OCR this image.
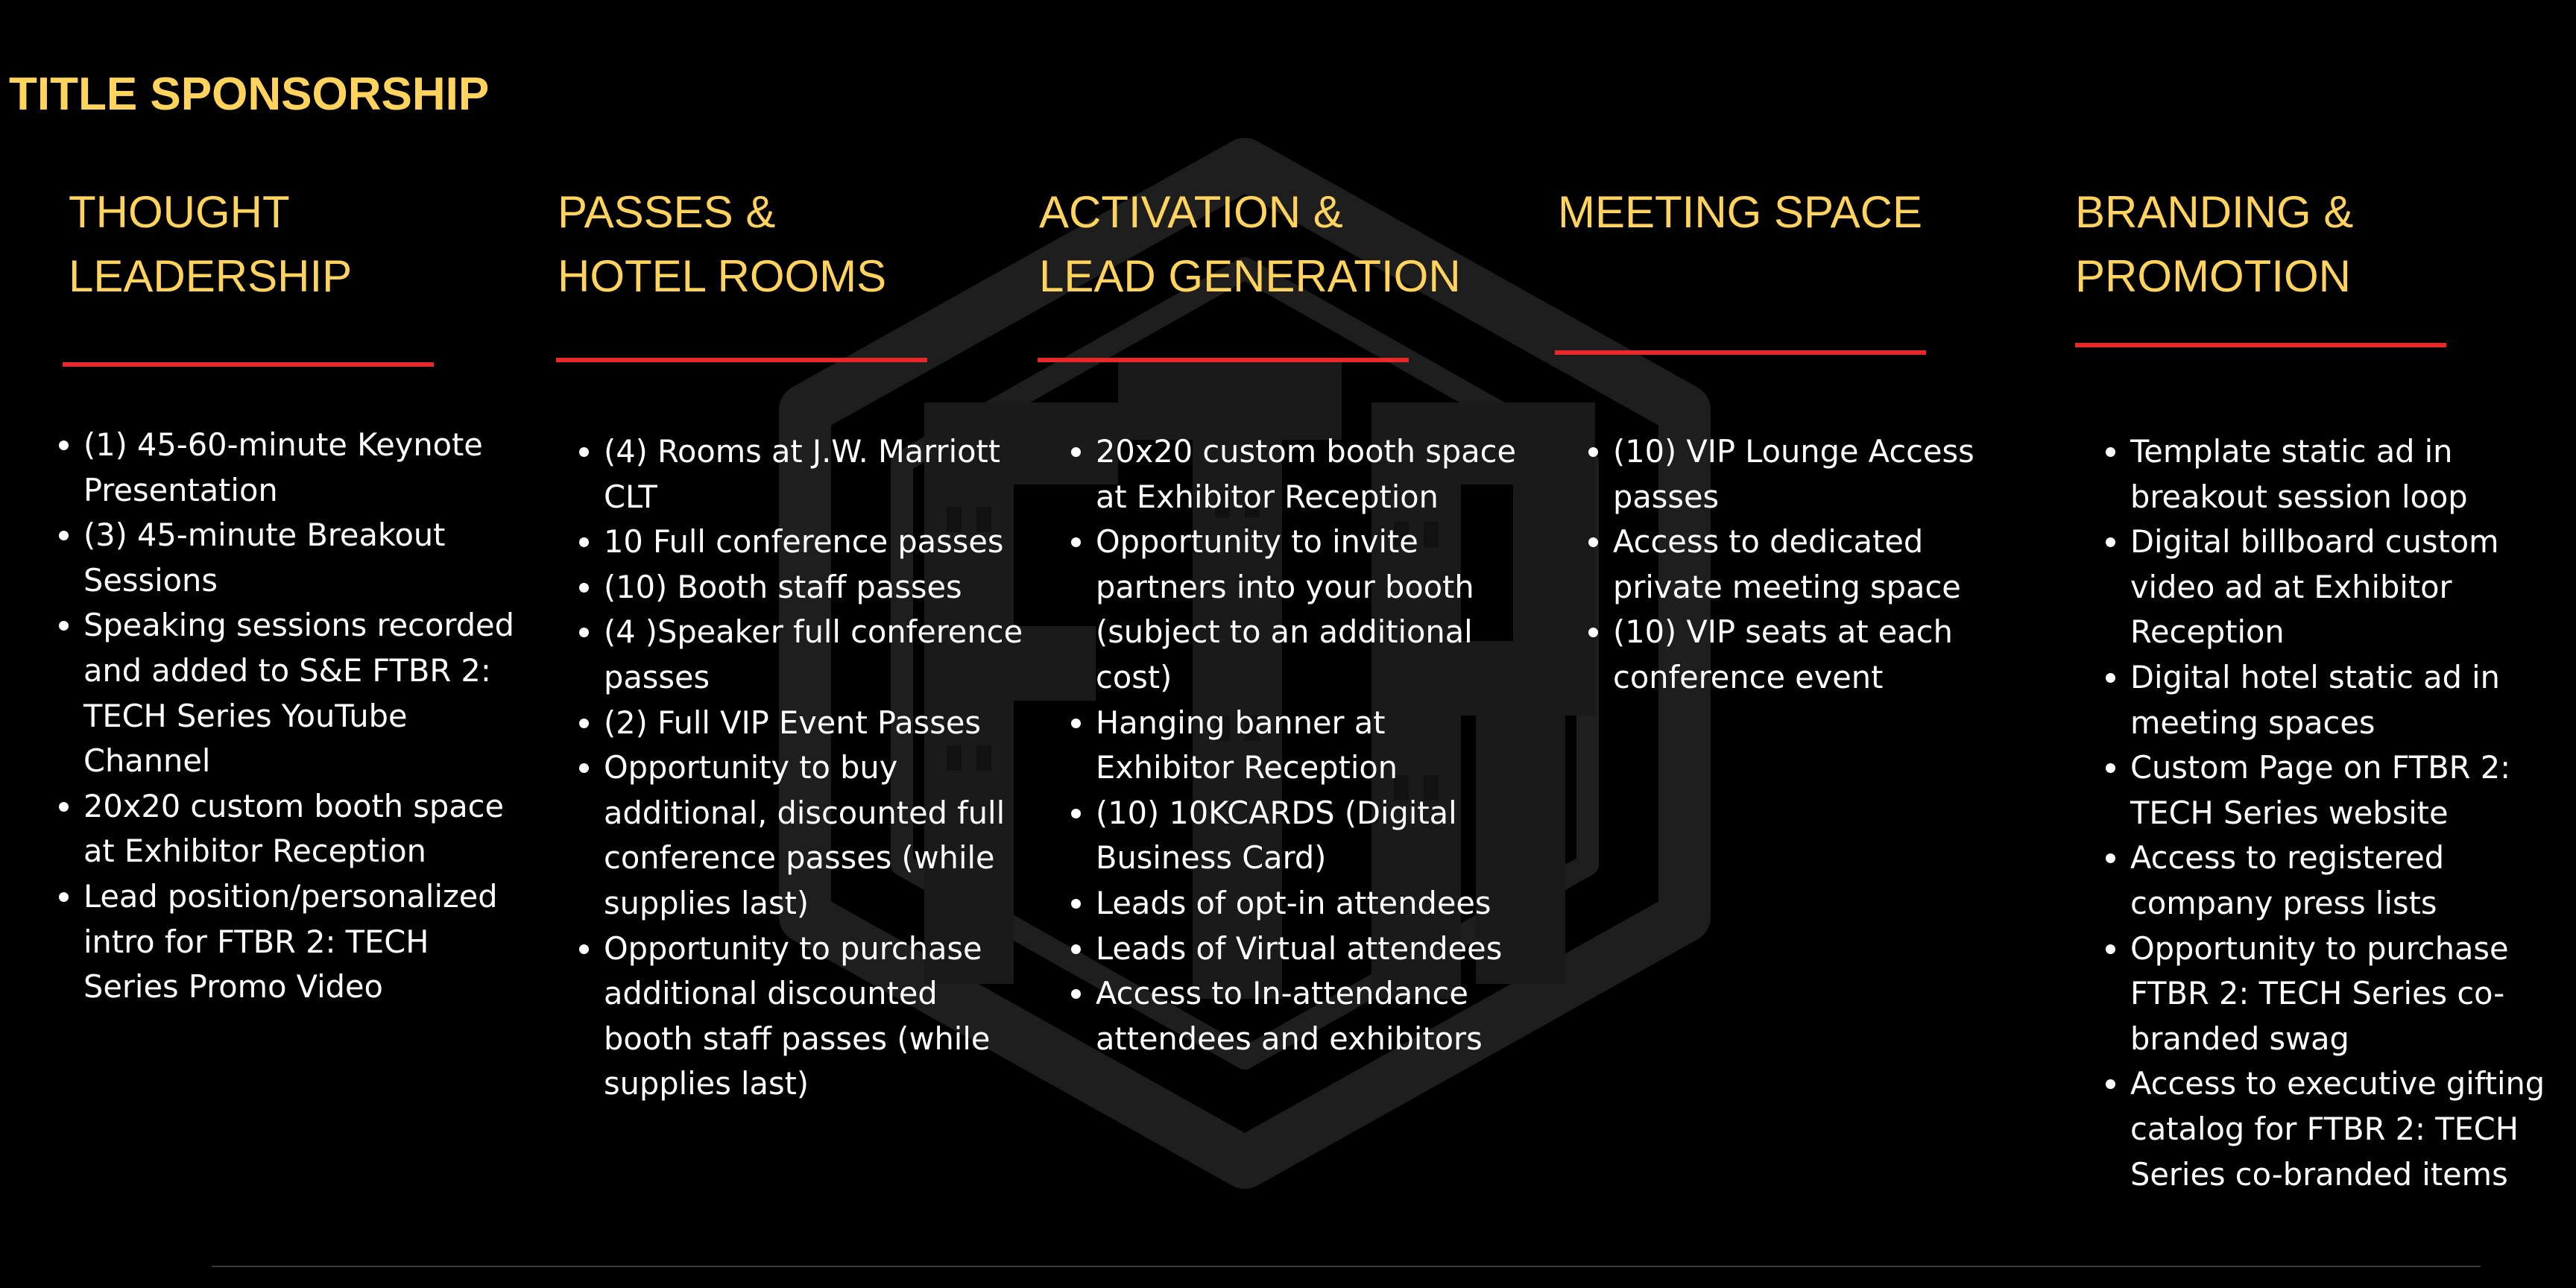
TITLE SPONSORSHIP
THOUGHT
LEADERSHIP
• (1) 45-60-minute Keynote Presentation
• (3) 45-minute Breakout Sessions
• Speaking sessions recorded and added to S&E FTBR 2: TECH Series YouTube Channel
• 20x20 custom booth space at Exhibitor Reception
• Lead position/personalized intro for FTBR 2: TECH Series Promo Video
PASSES &
HOTEL ROOMS
• (4) Rooms at J.W. Marriott CLT
• 10 Full conference passes
• (10) Booth staff passes
• (4 )Speaker full conference passes
• (2) Full VIP Event Passes
• Opportunity to buy additional, discounted full conference passes (while supplies last)
• Opportunity to purchase additional discounted booth staff passes (while supplies last)
ACTIVATION &
LEAD GENERATION
• 20x20 custom booth space at Exhibitor Reception
• Opportunity to invite partners into your booth (subject to an additional cost)
• Hanging banner at Exhibitor Reception
• (10) 10KCARDS (Digital Business Card)
• Leads of opt-in attendees
• Leads of Virtual attendees
• Access to In-attendance attendees and exhibitors
MEETING SPACE
• (10) VIP Lounge Access passes
• Access to dedicated private meeting space
• (10) VIP seats at each conference event
BRANDING &
PROMOTION
• Template static ad in breakout session loop
• Digital billboard custom video ad at Exhibitor Reception
• Digital hotel static ad in meeting spaces
• Custom Page on FTBR 2: TECH Series website
• Access to registered company press lists
• Opportunity to purchase FTBR 2: TECH Series co-branded swag
• Access to executive gifting catalog for FTBR 2: TECH Series co-branded items
